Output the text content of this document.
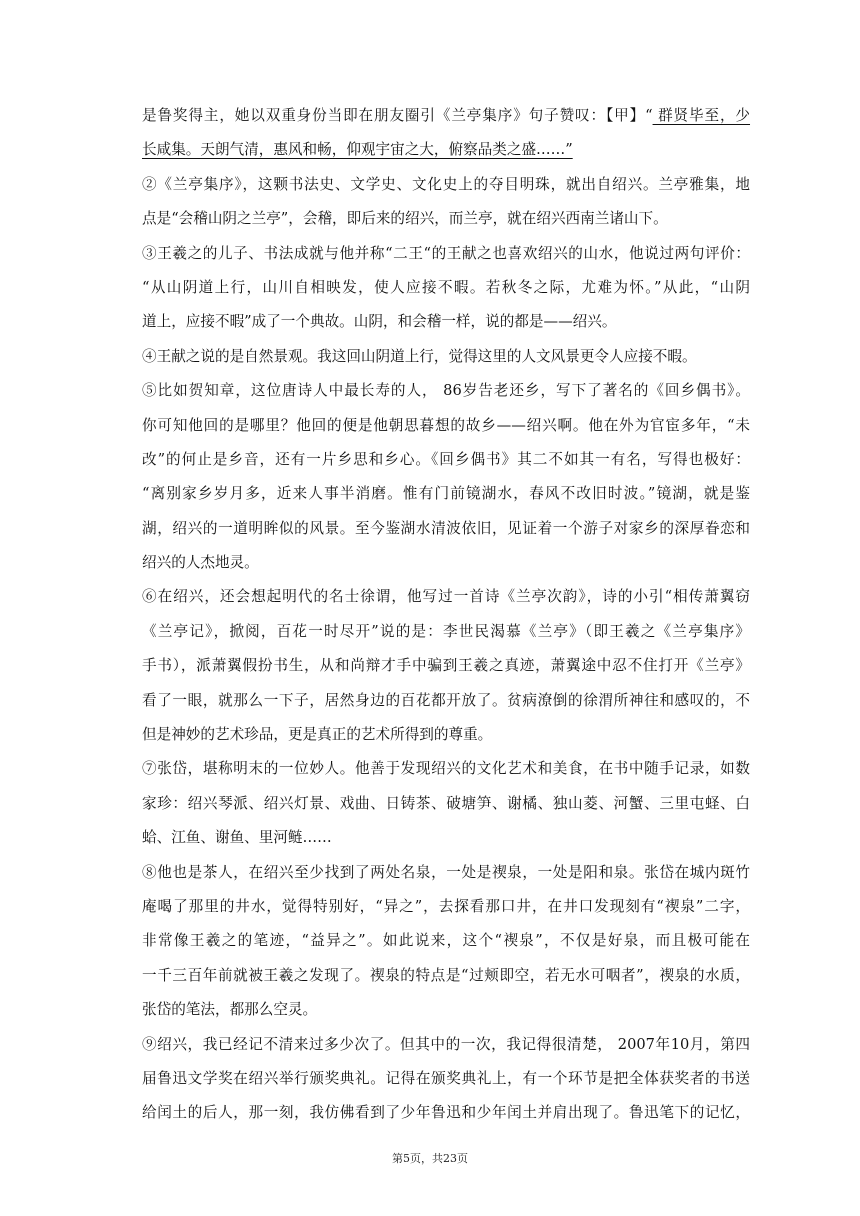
是鲁奖得主，她以双重身份当即在朋友圈引《兰亭集序》句子赞叹：【甲】“ 群贤毕至，少
长咸集。天朗气清，惠风和畅，仰观宇宙之大，俯察品类之盛……”
②《兰亭集序》，这颗书法史、文学史、文化史上的夺目明珠，就出自绍兴。兰亭雅集，地
点是“会稽山阴之兰亭”，会稽，即后来的绍兴，而兰亭，就在绍兴西南兰诸山下。
③王羲之的儿子、书法成就与他并称“二王“的王献之也喜欢绍兴的山水，他说过两句评价：
“从山阴道上行，山川自相映发，使人应接不暇。若秋冬之际，尤难为怀。”从此，“山阴
道上，应接不暇”成了一个典故。山阴，和会稽一样，说的都是——绍兴。
④王献之说的是自然景观。我这回山阴道上行，觉得这里的人文风景更令人应接不暇。
⑤比如贺知章，这位唐诗人中最长寿的人， 86岁告老还乡，写下了著名的《回乡偶书》。
你可知他回的是哪里？他回的便是他朝思暮想的故乡——绍兴啊。他在外为官宦多年，“未
改”的何止是乡音，还有一片乡思和乡心。《回乡偶书》其二不如其一有名，写得也极好：
“离别家乡岁月多，近来人事半消磨。惟有门前镜湖水，春风不改旧时波。”镜湖，就是鉴
湖，绍兴的一道明眸似的风景。至今鉴湖水清波依旧，见证着一个游子对家乡的深厚眷恋和
绍兴的人杰地灵。
⑥在绍兴，还会想起明代的名士徐谓，他写过一首诗《兰亭次韵》，诗的小引“相传萧翼窃
《兰亭记》，掀阅，百花一时尽开”说的是：李世民渴慕《兰亭》（即王羲之《兰亭集序》
手书），派萧翼假扮书生，从和尚辩才手中骗到王羲之真迹，萧翼途中忍不住打开《兰亭》
看了一眼，就那么一下子，居然身边的百花都开放了。贫病潦倒的徐渭所神往和感叹的，不
但是神妙的艺术珍品，更是真正的艺术所得到的尊重。
⑦张岱，堪称明末的一位妙人。他善于发现绍兴的文化艺术和美食，在书中随手记录，如数
家珍：绍兴琴派、绍兴灯景、戏曲、日铸茶、破塘笋、谢橘、独山菱、河蟹、三里屯蛏、白
蛤、江鱼、谢鱼、里河鲢……
⑧他也是茶人，在绍兴至少找到了两处名泉，一处是禊泉，一处是阳和泉。张岱在城内斑竹
庵喝了那里的井水，觉得特别好，“异之”，去探看那口井，在井口发现刻有“禊泉”二字，
非常像王羲之的笔迹，“益异之”。如此说来，这个“禊泉”，不仅是好泉，而且极可能在
一千三百年前就被王羲之发现了。禊泉的特点是“过颊即空，若无水可咽者”，禊泉的水质，
张岱的笔法，都那么空灵。
⑨绍兴，我已经记不清来过多少次了。但其中的一次，我记得很清楚， 2007年10月，第四
届鲁迅文学奖在绍兴举行颁奖典礼。记得在颁奖典礼上，有一个环节是把全体获奖者的书送
给闰土的后人，那一刻，我仿佛看到了少年鲁迅和少年闰土并肩出现了。鲁迅笔下的记忆，
第5页，共23页
